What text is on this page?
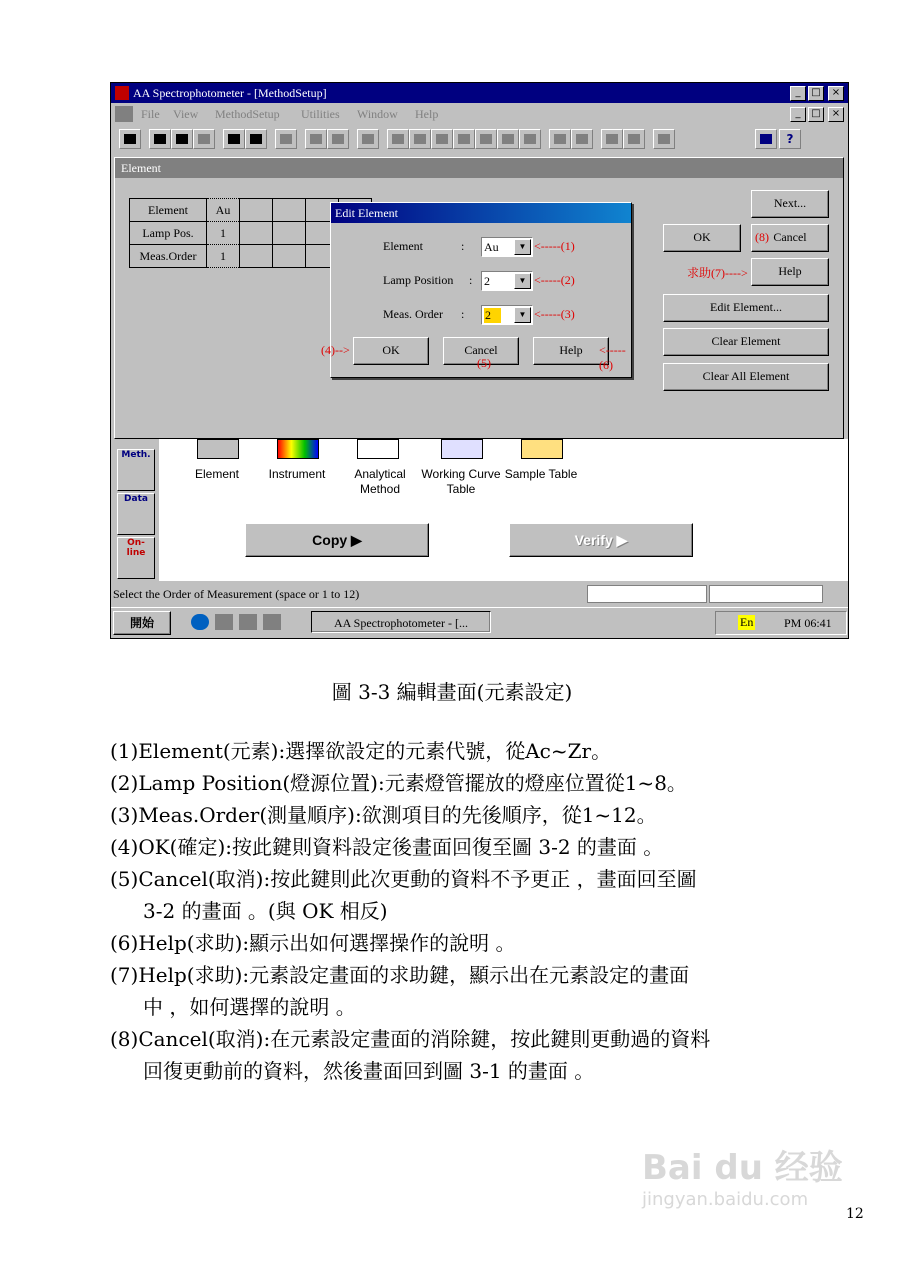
AA Spectrophotometer - [MethodSetup]	_	□	×
File View MethodSetup Utilities Window Help	_	□	×
?
Element
Element	Au				
Lamp Pos.	1				
Meas.Order	1				
Next...
OK	Cancel
(8)
求助(7)---->	Help
Edit Element...
Clear Element
Clear All Element
Edit Element
Element	: Au	▼ <-----(1)
Lamp Position : 2	▼ <-----(2)
Meas. Order : 2	▼ <-----(3)
(4)-->	OK	Cancel
(5)
Help	<-----(6)
Meth.
Data
On-line
Element	Instrument	Analytical Method
Working Curve Table
Sample Table
Copy ▶	Verify ▶
Select the Order of Measurement (space or 1 to 12)
開始	AA Spectrophotometer - [...	En	PM 06:41
圖 3-3 編輯畫面(元素設定)
(1)Element(元素):選擇欲設定的元素代號，從Ac~Zr。
(2)Lamp Position(燈源位置):元素燈管擺放的燈座位置從1~8。
(3)Meas.Order(測量順序):欲測項目的先後順序，從1~12。
(4)OK(確定):按此鍵則資料設定後畫面回復至圖 3-2 的畫面 。
(5)Cancel(取消):按此鍵則此次更動的資料不予更正 ，畫面回至圖
3-2 的畫面 。(與 OK 相反)
(6)Help(求助):顯示出如何選擇操作的說明 。
(7)Help(求助):元素設定畫面的求助鍵，顯示出在元素設定的畫面
中 ，如何選擇的說明 。
(8)Cancel(取消):在元素設定畫面的消除鍵，按此鍵則更動過的資料
回復更動前的資料，然後畫面回到圖 3-1 的畫面 。
Bai du 经验
jingyan.baidu.com
12
